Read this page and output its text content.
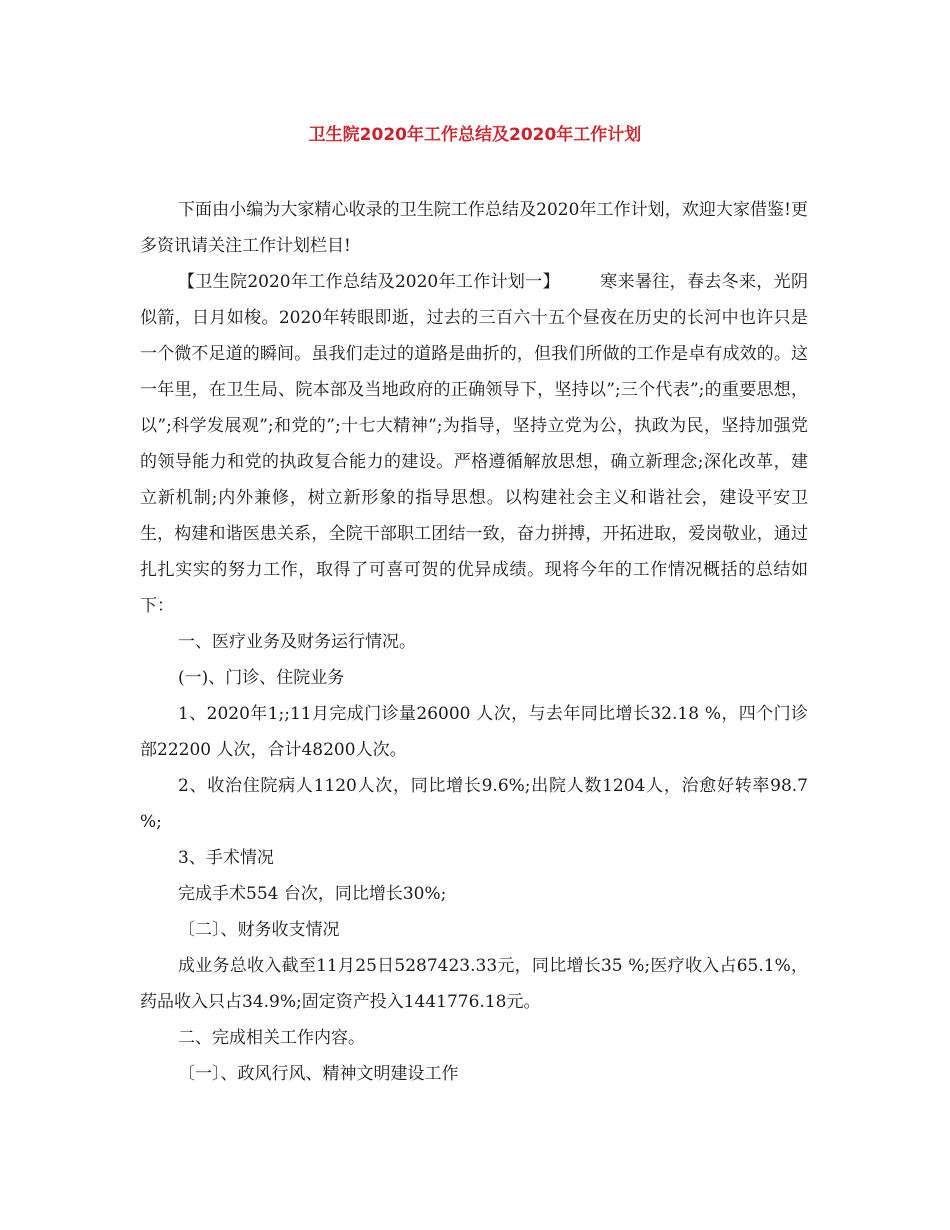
卫生院2020年工作总结及2020年工作计划

下面由小编为大家精心收录的卫生院工作总结及2020年工作计划，欢迎大家借鉴!更多资讯请关注工作计划栏目!

【卫生院2020年工作总结及2020年工作计划一】 寒来暑往，春去冬来，光阴似箭，日月如梭。2020年转眼即逝，过去的三百六十五个昼夜在历史的长河中也许只是一个微不足道的瞬间。虽我们走过的道路是曲折的，但我们所做的工作是卓有成效的。这一年里，在卫生局、院本部及当地政府的正确领导下，坚持以”;三个代表”;的重要思想，以”;科学发展观”;和党的”;十七大精神”;为指导，坚持立党为公，执政为民，坚持加强党的领导能力和党的执政复合能力的建设。严格遵循解放思想，确立新理念;深化改革，建立新机制;内外兼修，树立新形象的指导思想。以构建社会主义和谐社会，建设平安卫生，构建和谐医患关系，全院干部职工团结一致，奋力拼搏，开拓进取，爱岗敬业，通过扎扎实实的努力工作，取得了可喜可贺的优异成绩。现将今年的工作情况概括的总结如下：

一、医疗业务及财务运行情况。

(一)、门诊、住院业务

1、2020年1;;11月完成门诊量26000 人次，与去年同比增长32.18 %，四个门诊部22200 人次，合计48200人次。

2、收治住院病人1120人次，同比增长9.6%;出院人数1204人，治愈好转率98.7 %;

3、手术情况

完成手术554 台次，同比增长30%;

〔二〕、财务收支情况

成业务总收入截至11月25日5287423.33元，同比增长35 %;医疗收入占65.1%，药品收入只占34.9%;固定资产投入1441776.18元。

二、完成相关工作内容。

〔一〕、政风行风、精神文明建设工作
